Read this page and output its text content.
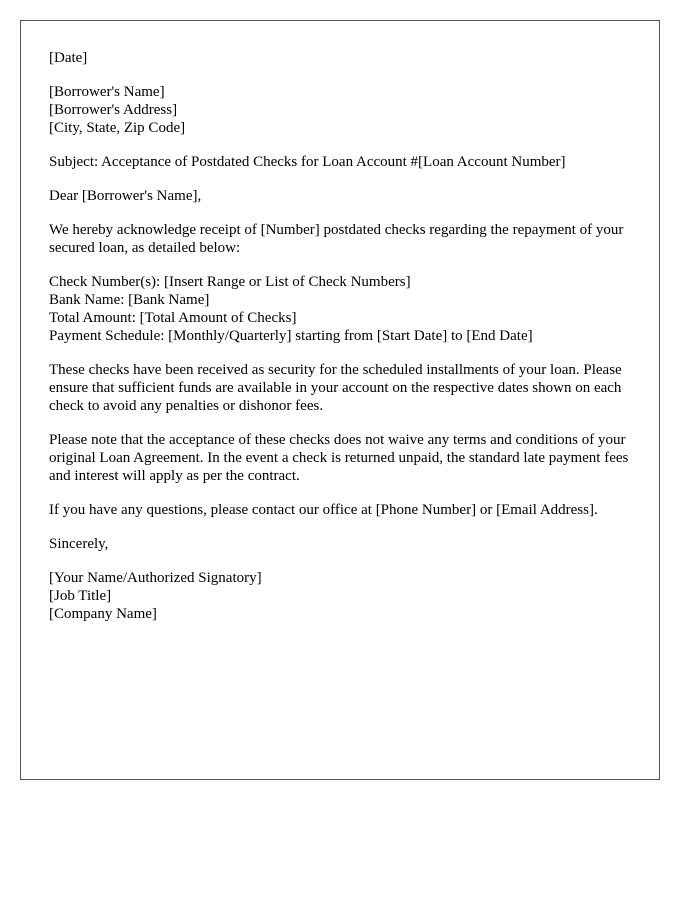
[Date]
[Borrower's Name]
[Borrower's Address]
[City, State, Zip Code]

Subject: Acceptance of Postdated Checks for Loan Account #[Loan Account Number]

Dear [Borrower's Name],

We hereby acknowledge receipt of [Number] postdated checks regarding the repayment of your secured loan, as detailed below:

Check Number(s): [Insert Range or List of Check Numbers]
Bank Name: [Bank Name]
Total Amount: [Total Amount of Checks]
Payment Schedule: [Monthly/Quarterly] starting from [Start Date] to [End Date]

These checks have been received as security for the scheduled installments of your loan. Please ensure that sufficient funds are available in your account on the respective dates shown on each check to avoid any penalties or dishonor fees.

Please note that the acceptance of these checks does not waive any terms and conditions of your original Loan Agreement. In the event a check is returned unpaid, the standard late payment fees and interest will apply as per the contract.

If you have any questions, please contact our office at [Phone Number] or [Email Address].

Sincerely,

[Your Name/Authorized Signatory]
[Job Title]
[Company Name]
